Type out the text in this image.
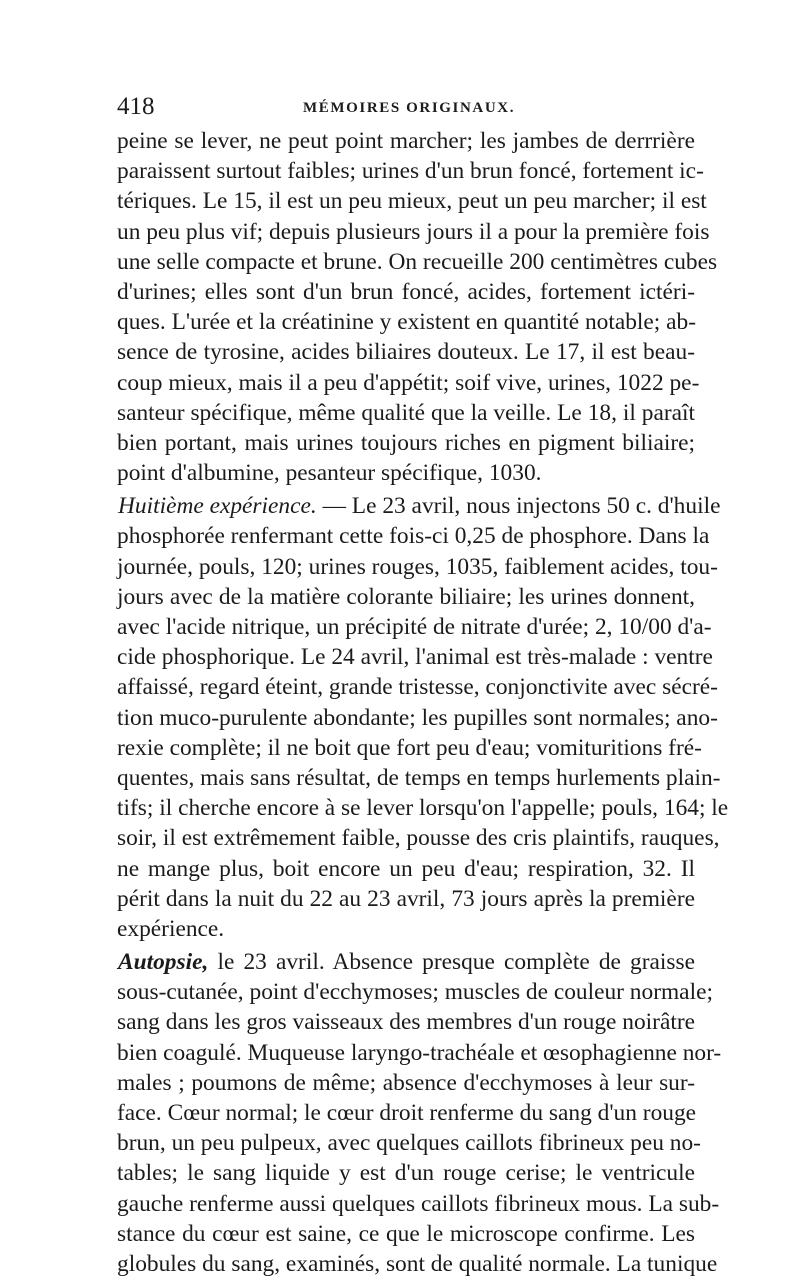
418	MÉMOIRES ORIGINAUX.
peine se lever, ne peut point marcher; les jambes de derrrière
paraissent surtout faibles; urines d'un brun foncé, fortement ic-
tériques. Le 15, il est un peu mieux, peut un peu marcher; il est
un peu plus vif; depuis plusieurs jours il a pour la première fois
une selle compacte et brune. On recueille 200 centimètres cubes
d'urines; elles sont d'un brun foncé, acides, fortement ictéri-
ques. L'urée et la créatinine y existent en quantité notable; ab-
sence de tyrosine, acides biliaires douteux. Le 17, il est beau-
coup mieux, mais il a peu d'appétit; soif vive, urines, 1022 pe-
santeur spécifique, même qualité que la veille. Le 18, il paraît
bien portant, mais urines toujours riches en pigment biliaire;
point d'albumine, pesanteur spécifique, 1030.
Huitième expérience. — Le 23 avril, nous injectons 50 c. d'huile
phosphorée renfermant cette fois-ci 0,25 de phosphore. Dans la
journée, pouls, 120; urines rouges, 1035, faiblement acides, tou-
jours avec de la matière colorante biliaire; les urines donnent,
avec l'acide nitrique, un précipité de nitrate d'urée; 2, 10/00 d'a-
cide phosphorique. Le 24 avril, l'animal est très-malade : ventre
affaissé, regard éteint, grande tristesse, conjonctivite avec sécré-
tion muco-purulente abondante; les pupilles sont normales; ano-
rexie complète; il ne boit que fort peu d'eau; vomituritions fré-
quentes, mais sans résultat, de temps en temps hurlements plain-
tifs; il cherche encore à se lever lorsqu'on l'appelle; pouls, 164; le
soir, il est extrêmement faible, pousse des cris plaintifs, rauques,
ne mange plus, boit encore un peu d'eau; respiration, 32. Il
périt dans la nuit du 22 au 23 avril, 73 jours après la première
expérience.
Autopsie, le 23 avril. Absence presque complète de graisse
sous-cutanée, point d'ecchymoses; muscles de couleur normale;
sang dans les gros vaisseaux des membres d'un rouge noirâtre
bien coagulé. Muqueuse laryngo-trachéale et œsophagienne nor-
males ; poumons de même; absence d'ecchymoses à leur sur-
face. Cœur normal; le cœur droit renferme du sang d'un rouge
brun, un peu pulpeux, avec quelques caillots fibrineux peu no-
tables; le sang liquide y est d'un rouge cerise; le ventricule
gauche renferme aussi quelques caillots fibrineux mous. La sub-
stance du cœur est saine, ce que le microscope confirme. Les
globules du sang, examinés, sont de qualité normale. La tunique
